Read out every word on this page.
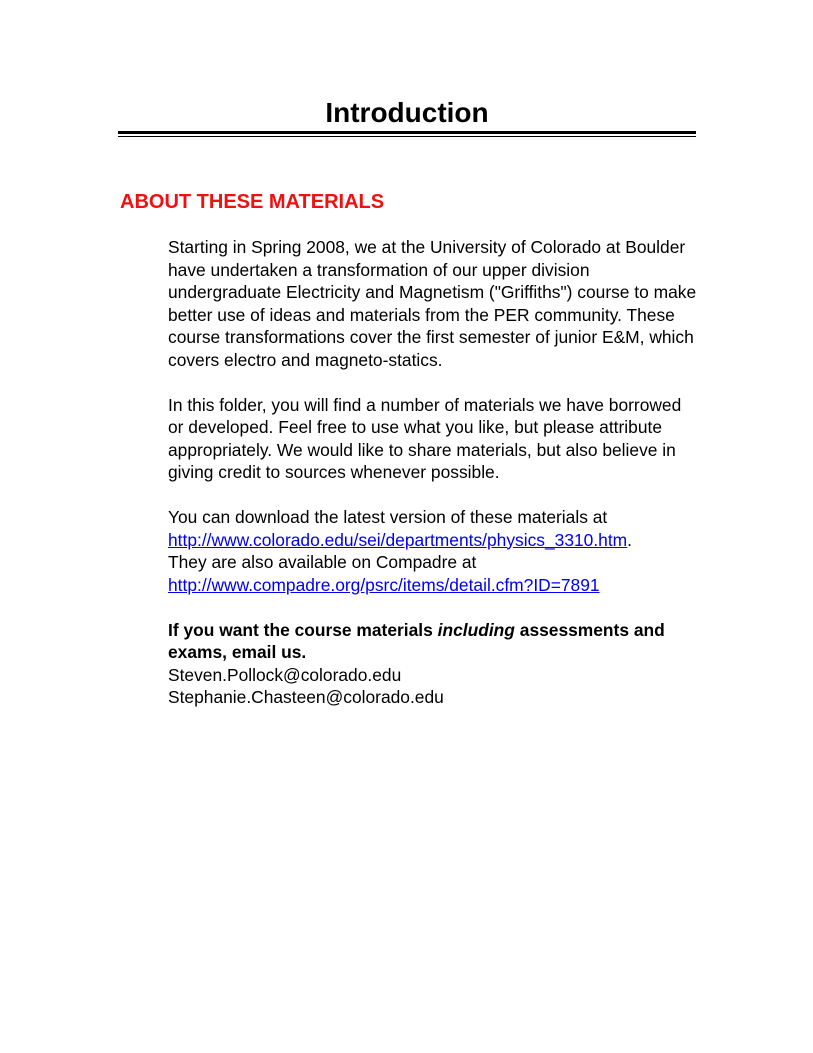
Introduction
ABOUT THESE MATERIALS

Starting in Spring 2008, we at the University of Colorado at Boulder have undertaken a transformation of our upper division undergraduate Electricity and Magnetism ("Griffiths") course to make better use of ideas and materials from the PER community. These course transformations cover the first semester of junior E&M, which covers electro and magneto-statics.

In this folder, you will find a number of materials we have borrowed or developed. Feel free to use what you like, but please attribute appropriately. We would like to share materials, but also believe in giving credit to sources whenever possible.

You can download the latest version of these materials at
http://www.colorado.edu/sei/departments/physics_3310.htm.
They are also available on Compadre at
http://www.compadre.org/psrc/items/detail.cfm?ID=7891

If you want the course materials including assessments and exams, email us.
Steven.Pollock@colorado.edu
Stephanie.Chasteen@colorado.edu
